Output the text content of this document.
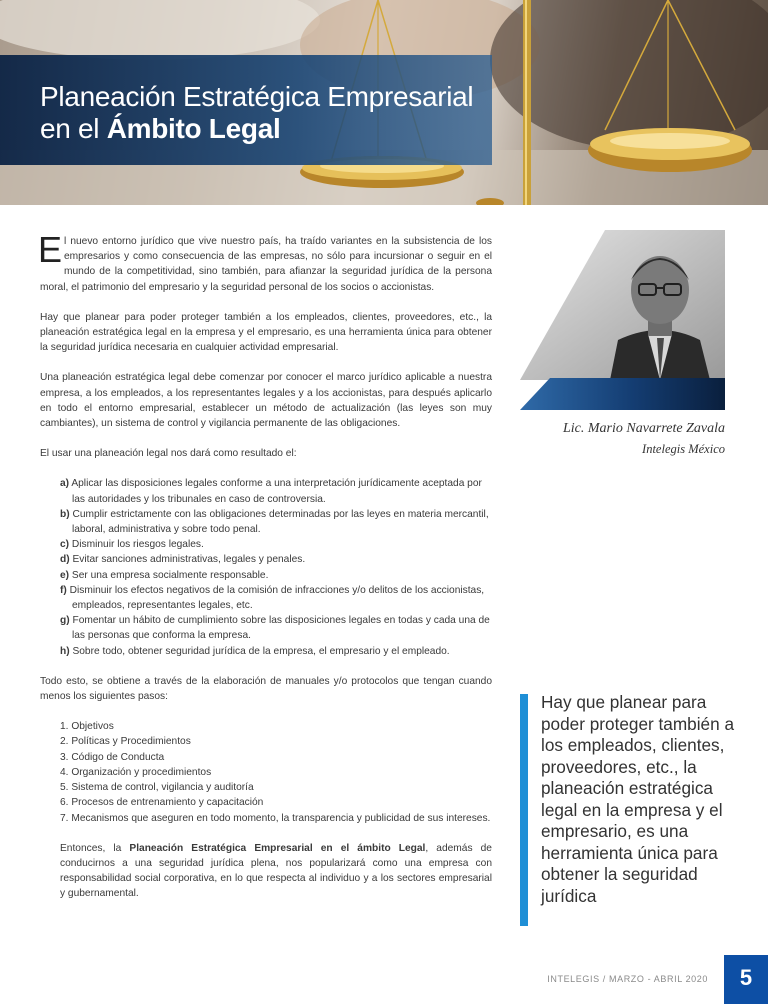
Planeación Estratégica Empresarial
en el Ámbito Legal

El nuevo entorno jurídico que vive nuestro país, ha traído variantes en la subsistencia de los empresarios y como consecuencia de las empresas, no sólo para incursionar o seguir en el mundo de la competitividad, sino también, para afianzar la seguridad jurídica de la persona moral, el patrimonio del empresario y la seguridad personal de los socios o accionistas.

Hay que planear para poder proteger también a los empleados, clientes, proveedores, etc., la planeación estratégica legal en la empresa y el empresario, es una herramienta única para obtener la seguridad jurídica necesaria en cualquier actividad empresarial.

Una planeación estratégica legal debe comenzar por conocer el marco jurídico aplicable a nuestra empresa, a los empleados, a los representantes legales y a los accionistas, para después aplicarlo en todo el entorno empresarial, establecer un método de actualización (las leyes son muy cambiantes), un sistema de control y vigilancia permanente de las obligaciones.

El usar una planeación legal nos dará como resultado el:

a) Aplicar las disposiciones legales conforme a una interpretación jurídicamente aceptada por las autoridades y los tribunales en caso de controversia.
b) Cumplir estrictamente con las obligaciones determinadas por las leyes en materia mercantil, laboral, administrativa y sobre todo penal.
c) Disminuir los riesgos legales.
d) Evitar sanciones administrativas, legales y penales.
e) Ser una empresa socialmente responsable.
f) Disminuir los efectos negativos de la comisión de infracciones y/o delitos de los accionistas, empleados, representantes legales, etc.
g) Fomentar un hábito de cumplimiento sobre las disposiciones legales en todas y cada una de las personas que conforma la empresa.
h) Sobre todo, obtener seguridad jurídica de la empresa, el empresario y el empleado.

Todo esto, se obtiene a través de la elaboración de manuales y/o protocolos que tengan cuando menos los siguientes pasos:

1. Objetivos
2. Políticas y Procedimientos
3. Código de Conducta
4. Organización y procedimientos
5. Sistema de control, vigilancia y auditoría
6. Procesos de entrenamiento y capacitación
7. Mecanismos que aseguren en todo momento, la transparencia y publicidad de sus intereses.

Entonces, la Planeación Estratégica Empresarial en el ámbito Legal, además de conducirnos a una seguridad jurídica plena, nos popularizará como una empresa con responsabilidad social corporativa, en lo que respecta al individuo y a los sectores empresarial y gubernamental.

Lic. Mario Navarrete Zavala
Intelegis México
Hay que planear para poder proteger también a los empleados, clientes, proveedores, etc., la planeación estratégica legal en la empresa y el empresario, es una herramienta única para obtener la seguridad jurídica
INTELEGIS / MARZO - ABRIL 2020	5
